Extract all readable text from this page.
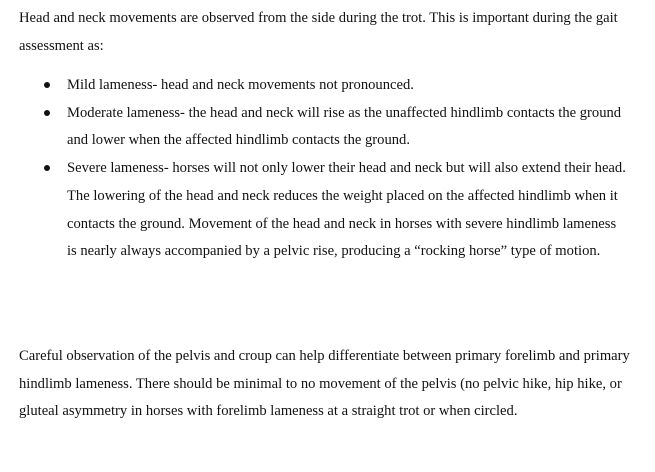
Head and neck movements are observed from the side during the trot. This is important during the gait assessment as:

Mild lameness- head and neck movements not pronounced.
Moderate lameness- the head and neck will rise as the unaffected hindlimb contacts the ground and lower when the affected hindlimb contacts the ground.
Severe lameness- horses will not only lower their head and neck but will also extend their head. The lowering of the head and neck reduces the weight placed on the affected hindlimb when it contacts the ground. Movement of the head and neck in horses with severe hindlimb lameness is nearly always accompanied by a pelvic rise, producing a “rocking horse” type of motion.

Careful observation of the pelvis and croup can help differentiate between primary forelimb and primary hindlimb lameness. There should be minimal to no movement of the pelvis (no pelvic hike, hip hike, or gluteal asymmetry in horses with forelimb lameness at a straight trot or when circled.
